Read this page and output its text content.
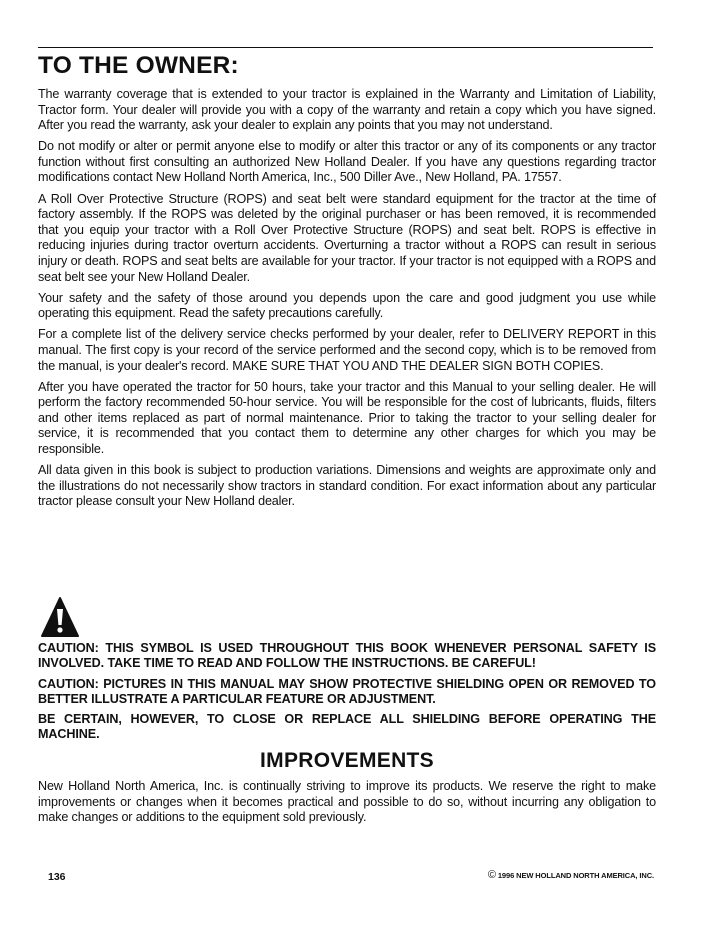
TO THE OWNER:

The warranty coverage that is extended to your tractor is explained in the Warranty and Limitation of Liability, Tractor form. Your dealer will provide you with a copy of the warranty and retain a copy which you have signed. After you read the warranty, ask your dealer to explain any points that you may not understand.

Do not modify or alter or permit anyone else to modify or alter this tractor or any of its components or any tractor function without first consulting an authorized New Holland Dealer. If you have any questions regarding tractor modifications contact New Holland North America, Inc., 500 Diller Ave., New Holland, PA. 17557.

A Roll Over Protective Structure (ROPS) and seat belt were standard equipment for the tractor at the time of factory assembly. If the ROPS was deleted by the original purchaser or has been removed, it is recommended that you equip your tractor with a Roll Over Protective Structure (ROPS) and seat belt. ROPS is effective in reducing injuries during tractor overturn accidents. Overturning a tractor without a ROPS can result in serious injury or death. ROPS and seat belts are available for your tractor. If your tractor is not equipped with a ROPS and seat belt see your New Holland Dealer.

Your safety and the safety of those around you depends upon the care and good judgment you use while operating this equipment. Read the safety precautions carefully.

For a complete list of the delivery service checks performed by your dealer, refer to DELIVERY REPORT in this manual. The first copy is your record of the service performed and the second copy, which is to be removed from the manual, is your dealer's record. MAKE SURE THAT YOU AND THE DEALER SIGN BOTH COPIES.

After you have operated the tractor for 50 hours, take your tractor and this Manual to your selling dealer. He will perform the factory recommended 50-hour service. You will be responsible for the cost of lubricants, fluids, filters and other items replaced as part of normal maintenance. Prior to taking the tractor to your selling dealer for service, it is recommended that you contact them to determine any other charges for which you may be responsible.

All data given in this book is subject to production variations. Dimensions and weights are approximate only and the illustrations do not necessarily show tractors in standard condition. For exact information about any particular tractor please consult your New Holland dealer.

CAUTION: THIS SYMBOL IS USED THROUGHOUT THIS BOOK WHENEVER PERSONAL SAFETY IS INVOLVED. TAKE TIME TO READ AND FOLLOW THE INSTRUCTIONS. BE CAREFUL!

CAUTION: PICTURES IN THIS MANUAL MAY SHOW PROTECTIVE SHIELDING OPEN OR REMOVED TO BETTER ILLUSTRATE A PARTICULAR FEATURE OR ADJUSTMENT.

BE CERTAIN, HOWEVER, TO CLOSE OR REPLACE ALL SHIELDING BEFORE OPERATING THE MACHINE.

IMPROVEMENTS

New Holland North America, Inc. is continually striving to improve its products. We reserve the right to make improvements or changes when it becomes practical and possible to do so, without incurring any obligation to make changes or additions to the equipment sold previously.

136	© 1996 NEW HOLLAND NORTH AMERICA, INC.
